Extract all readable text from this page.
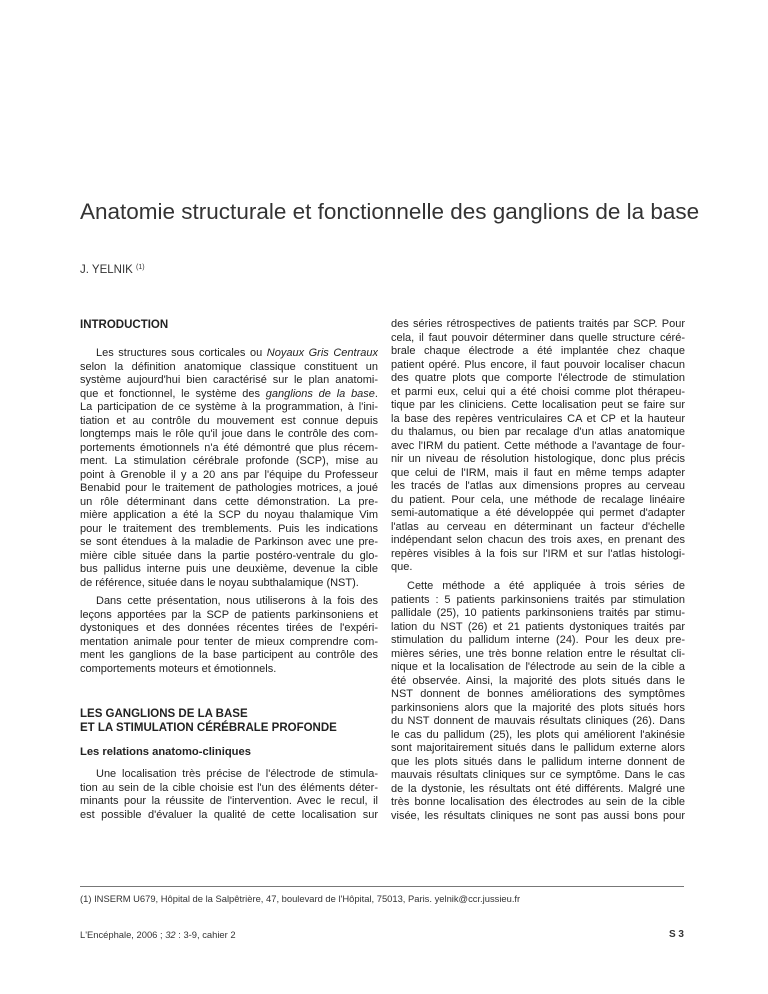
Anatomie structurale et fonctionnelle des ganglions de la base
J. YELNIK $^{(1)}$
INTRODUCTION
Les structures sous corticales ou Noyaux Gris Centraux
selon la définition anatomique classique constituent un
système aujourd'hui bien caractérisé sur le plan anatomi-
que et fonctionnel, le système des ganglions de la base.
La participation de ce système à la programmation, à l'ini-
tiation et au contrôle du mouvement est connue depuis
longtemps mais le rôle qu'il joue dans le contrôle des com-
portements émotionnels n'a été démontré que plus récem-
ment. La stimulation cérébrale profonde (SCP), mise au
point à Grenoble il y a 20 ans par l'équipe du Professeur
Benabid pour le traitement de pathologies motrices, a joué
un rôle déterminant dans cette démonstration. La pre-
mière application a été la SCP du noyau thalamique Vim
pour le traitement des tremblements. Puis les indications
se sont étendues à la maladie de Parkinson avec une pre-
mière cible située dans la partie postéro-ventrale du glo-
bus pallidus interne puis une deuxième, devenue la cible
de référence, située dans le noyau subthalamique (NST).
Dans cette présentation, nous utiliserons à la fois des
leçons apportées par la SCP de patients parkinsoniens et
dystoniques et des données récentes tirées de l'expéri-
mentation animale pour tenter de mieux comprendre com-
ment les ganglions de la base participent au contrôle des
comportements moteurs et émotionnels.
LES GANGLIONS DE LA BASE
ET LA STIMULATION CÉRÉBRALE PROFONDE
Les relations anatomo-cliniques
Une localisation très précise de l'électrode de stimula-
tion au sein de la cible choisie est l'un des éléments déter-
minants pour la réussite de l'intervention. Avec le recul, il
est possible d'évaluer la qualité de cette localisation sur
des séries rétrospectives de patients traités par SCP. Pour
cela, il faut pouvoir déterminer dans quelle structure céré-
brale chaque électrode a été implantée chez chaque
patient opéré. Plus encore, il faut pouvoir localiser chacun
des quatre plots que comporte l'électrode de stimulation
et parmi eux, celui qui a été choisi comme plot thérapeu-
tique par les cliniciens. Cette localisation peut se faire sur
la base des repères ventriculaires CA et CP et la hauteur
du thalamus, ou bien par recalage d'un atlas anatomique
avec l'IRM du patient. Cette méthode a l'avantage de four-
nir un niveau de résolution histologique, donc plus précis
que celui de l'IRM, mais il faut en même temps adapter
les tracés de l'atlas aux dimensions propres au cerveau
du patient. Pour cela, une méthode de recalage linéaire
semi-automatique a été développée qui permet d'adapter
l'atlas au cerveau en déterminant un facteur d'échelle
indépendant selon chacun des trois axes, en prenant des
repères visibles à la fois sur l'IRM et sur l'atlas histologi-
que.
Cette méthode a été appliquée à trois séries de
patients : 5 patients parkinsoniens traités par stimulation
pallidale (25), 10 patients parkinsoniens traités par stimu-
lation du NST (26) et 21 patients dystoniques traités par
stimulation du pallidum interne (24). Pour les deux pre-
mières séries, une très bonne relation entre le résultat cli-
nique et la localisation de l'électrode au sein de la cible a
été observée. Ainsi, la majorité des plots situés dans le
NST donnent de bonnes améliorations des symptômes
parkinsoniens alors que la majorité des plots situés hors
du NST donnent de mauvais résultats cliniques (26). Dans
le cas du pallidum (25), les plots qui améliorent l'akinésie
sont majoritairement situés dans le pallidum externe alors
que les plots situés dans le pallidum interne donnent de
mauvais résultats cliniques sur ce symptôme. Dans le cas
de la dystonie, les résultats ont été différents. Malgré une
très bonne localisation des électrodes au sein de la cible
visée, les résultats cliniques ne sont pas aussi bons pour
(1) INSERM U679, Hôpital de la Salpêtrière, 47, boulevard de l'Hôpital, 75013, Paris. yelnik@ccr.jussieu.fr
L'Encéphale, 2006 ; 32 : 3-9, cahier 2	S 3
